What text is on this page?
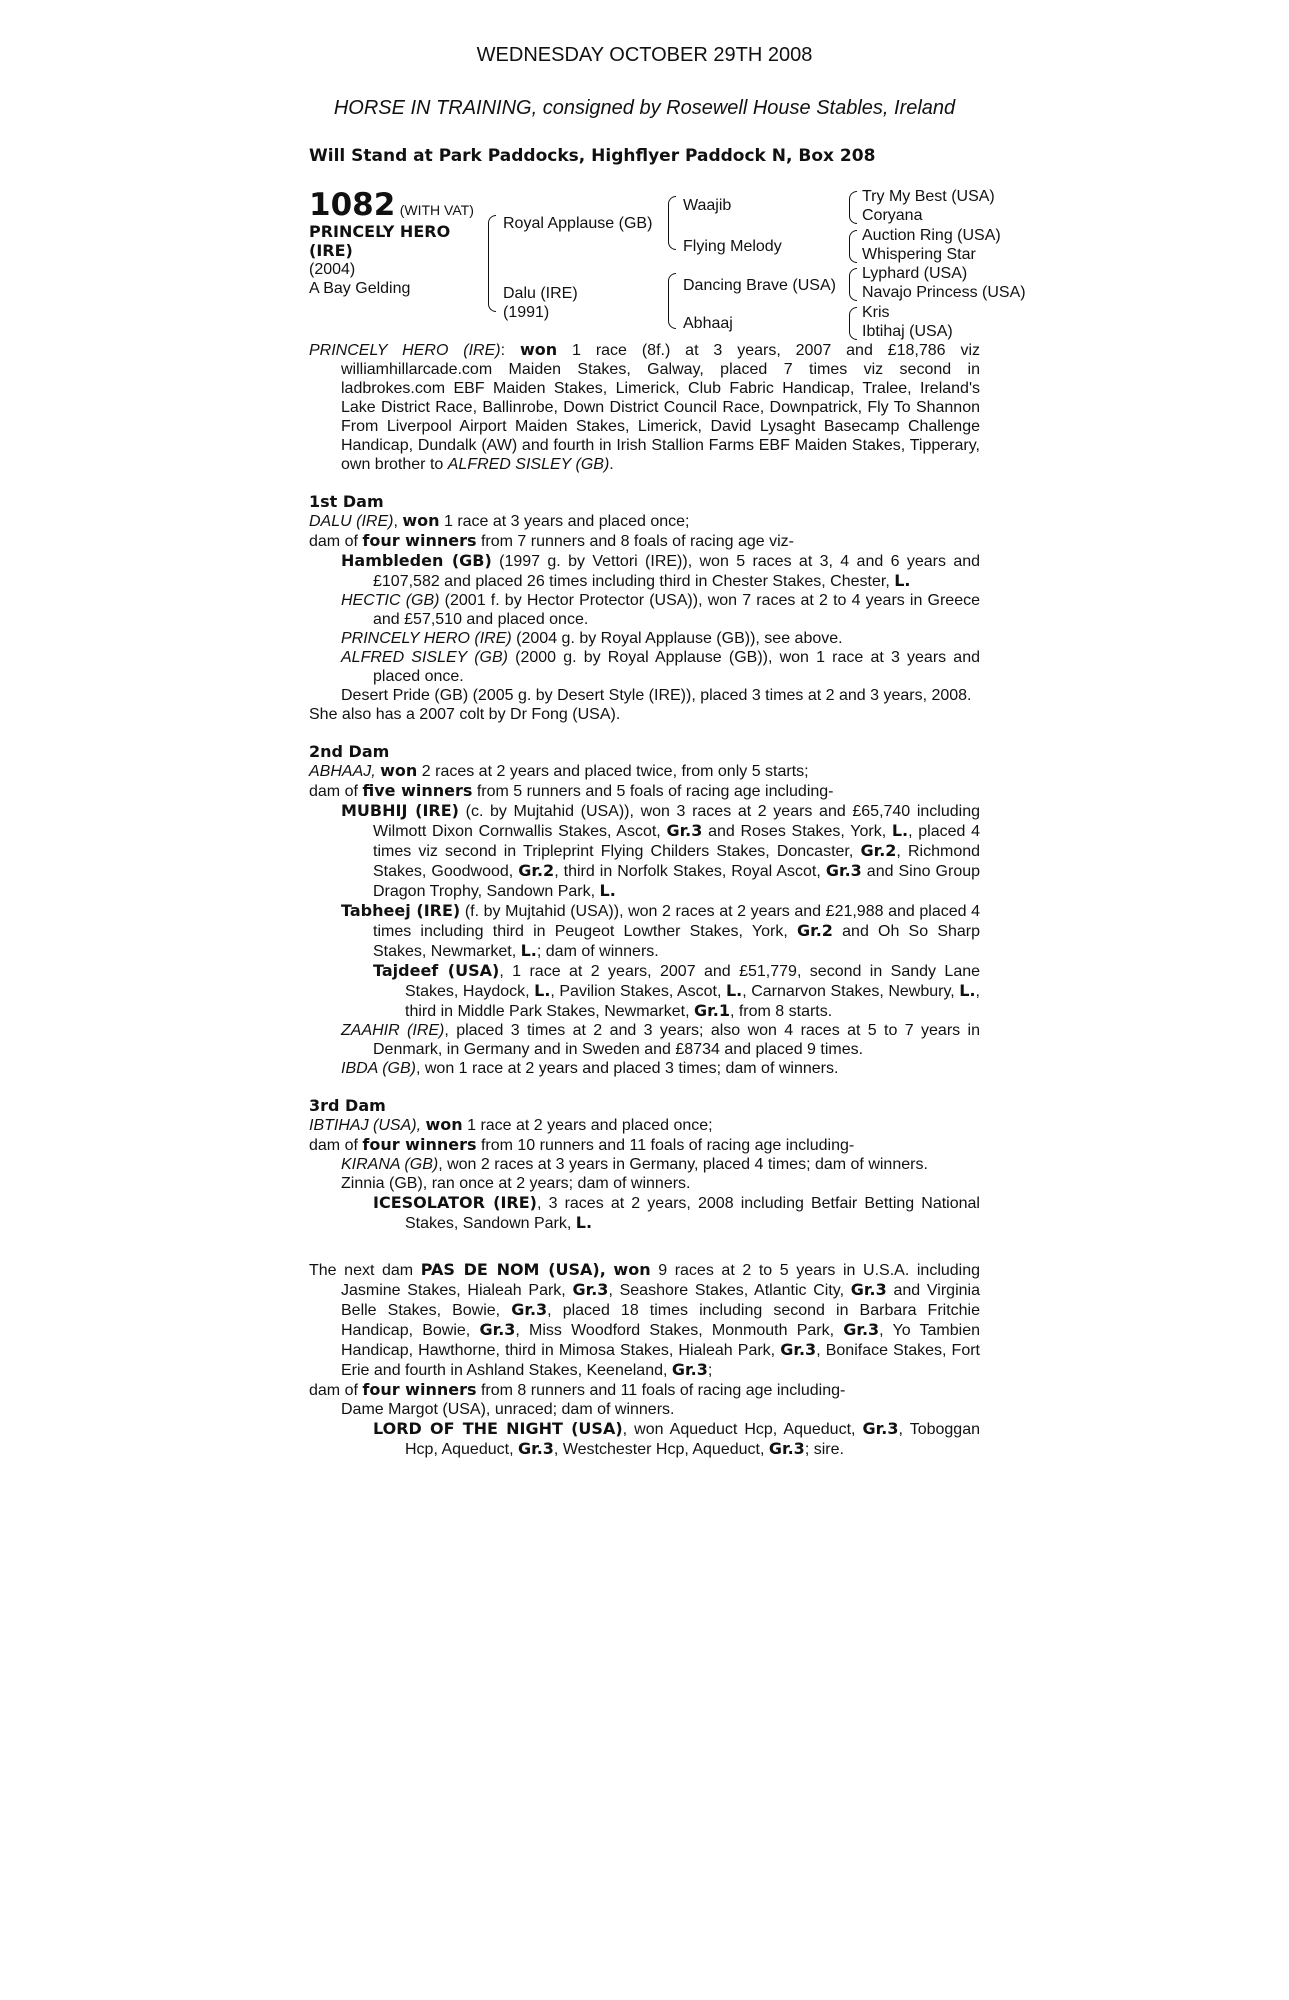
WEDNESDAY OCTOBER 29TH 2008
HORSE IN TRAINING, consigned by Rosewell House Stables, Ireland
Will Stand at Park Paddocks, Highflyer Paddock N, Box 208
1082 (WITH VAT)
PRINCELY HERO (IRE)
(2004)
A Bay Gelding
Royal Applause (GB)
Dalu (IRE)
(1991)
Waajib
Flying Melody
Dancing Brave (USA)
Abhaaj
Try My Best (USA)
Coryana
Auction Ring (USA)
Whispering Star
Lyphard (USA)
Navajo Princess (USA)
Kris
Ibtihaj (USA)

PRINCELY HERO (IRE): won 1 race (8f.) at 3 years, 2007 and £18,786 viz williamhillarcade.com Maiden Stakes, Galway, placed 7 times viz second in ladbrokes.com EBF Maiden Stakes, Limerick, Club Fabric Handicap, Tralee, Ireland's Lake District Race, Ballinrobe, Down District Council Race, Downpatrick, Fly To Shannon From Liverpool Airport Maiden Stakes, Limerick, David Lysaght Basecamp Challenge Handicap, Dundalk (AW) and fourth in Irish Stallion Farms EBF Maiden Stakes, Tipperary, own brother to ALFRED SISLEY (GB).

1st Dam

DALU (IRE), won 1 race at 3 years and placed once;

dam of four winners from 7 runners and 8 foals of racing age viz-

Hambleden (GB) (1997 g. by Vettori (IRE)), won 5 races at 3, 4 and 6 years and £107,582 and placed 26 times including third in Chester Stakes, Chester, L.

HECTIC (GB) (2001 f. by Hector Protector (USA)), won 7 races at 2 to 4 years in Greece and £57,510 and placed once.

PRINCELY HERO (IRE) (2004 g. by Royal Applause (GB)), see above.

ALFRED SISLEY (GB) (2000 g. by Royal Applause (GB)), won 1 race at 3 years and placed once.

Desert Pride (GB) (2005 g. by Desert Style (IRE)), placed 3 times at 2 and 3 years, 2008.

She also has a 2007 colt by Dr Fong (USA).

2nd Dam

ABHAAJ, won 2 races at 2 years and placed twice, from only 5 starts;

dam of five winners from 5 runners and 5 foals of racing age including-

MUBHIJ (IRE) (c. by Mujtahid (USA)), won 3 races at 2 years and £65,740 including Wilmott Dixon Cornwallis Stakes, Ascot, Gr.3 and Roses Stakes, York, L., placed 4 times viz second in Tripleprint Flying Childers Stakes, Doncaster, Gr.2, Richmond Stakes, Goodwood, Gr.2, third in Norfolk Stakes, Royal Ascot, Gr.3 and Sino Group Dragon Trophy, Sandown Park, L.

Tabheej (IRE) (f. by Mujtahid (USA)), won 2 races at 2 years and £21,988 and placed 4 times including third in Peugeot Lowther Stakes, York, Gr.2 and Oh So Sharp Stakes, Newmarket, L.; dam of winners.

Tajdeef (USA), 1 race at 2 years, 2007 and £51,779, second in Sandy Lane Stakes, Haydock, L., Pavilion Stakes, Ascot, L., Carnarvon Stakes, Newbury, L., third in Middle Park Stakes, Newmarket, Gr.1, from 8 starts.

ZAAHIR (IRE), placed 3 times at 2 and 3 years; also won 4 races at 5 to 7 years in Denmark, in Germany and in Sweden and £8734 and placed 9 times.

IBDA (GB), won 1 race at 2 years and placed 3 times; dam of winners.

3rd Dam

IBTIHAJ (USA), won 1 race at 2 years and placed once;

dam of four winners from 10 runners and 11 foals of racing age including-

KIRANA (GB), won 2 races at 3 years in Germany, placed 4 times; dam of winners.

Zinnia (GB), ran once at 2 years; dam of winners.

ICESOLATOR (IRE), 3 races at 2 years, 2008 including Betfair Betting National Stakes, Sandown Park, L.

The next dam PAS DE NOM (USA), won 9 races at 2 to 5 years in U.S.A. including Jasmine Stakes, Hialeah Park, Gr.3, Seashore Stakes, Atlantic City, Gr.3 and Virginia Belle Stakes, Bowie, Gr.3, placed 18 times including second in Barbara Fritchie Handicap, Bowie, Gr.3, Miss Woodford Stakes, Monmouth Park, Gr.3, Yo Tambien Handicap, Hawthorne, third in Mimosa Stakes, Hialeah Park, Gr.3, Boniface Stakes, Fort Erie and fourth in Ashland Stakes, Keeneland, Gr.3;

dam of four winners from 8 runners and 11 foals of racing age including-

Dame Margot (USA), unraced; dam of winners.

LORD OF THE NIGHT (USA), won Aqueduct Hcp, Aqueduct, Gr.3, Toboggan Hcp, Aqueduct, Gr.3, Westchester Hcp, Aqueduct, Gr.3; sire.
